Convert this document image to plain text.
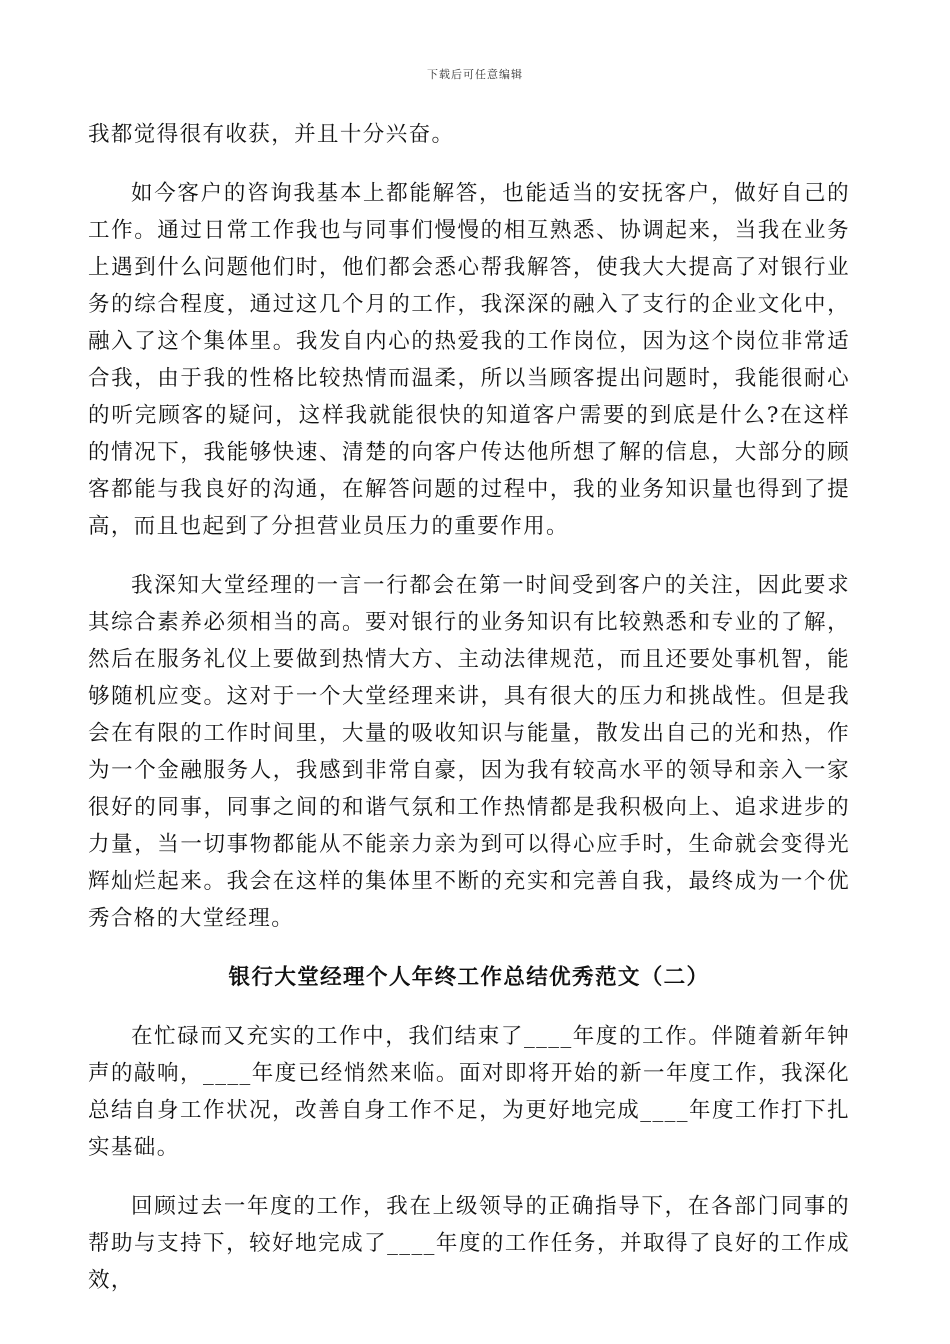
下载后可任意编辑

我都觉得很有收获，并且十分兴奋。

如今客户的咨询我基本上都能解答，也能适当的安抚客户，做好自己的工作。通过日常工作我也与同事们慢慢的相互熟悉、协调起来，当我在业务上遇到什么问题他们时，他们都会悉心帮我解答，使我大大提高了对银行业务的综合程度，通过这几个月的工作，我深深的融入了支行的企业文化中，融入了这个集体里。我发自内心的热爱我的工作岗位，因为这个岗位非常适合我，由于我的性格比较热情而温柔，所以当顾客提出问题时，我能很耐心的听完顾客的疑问，这样我就能很快的知道客户需要的到底是什么?在这样的情况下，我能够快速、清楚的向客户传达他所想了解的信息，大部分的顾客都能与我良好的沟通，在解答问题的过程中，我的业务知识量也得到了提高，而且也起到了分担营业员压力的重要作用。

我深知大堂经理的一言一行都会在第一时间受到客户的关注，因此要求其综合素养必须相当的高。要对银行的业务知识有比较熟悉和专业的了解，然后在服务礼仪上要做到热情大方、主动法律规范，而且还要处事机智，能够随机应变。这对于一个大堂经理来讲，具有很大的压力和挑战性。但是我会在有限的工作时间里，大量的吸收知识与能量，散发出自己的光和热，作为一个金融服务人，我感到非常自豪，因为我有较高水平的领导和亲入一家很好的同事，同事之间的和谐气氛和工作热情都是我积极向上、追求进步的力量，当一切事物都能从不能亲力亲为到可以得心应手时，生命就会变得光辉灿烂起来。我会在这样的集体里不断的充实和完善自我，最终成为一个优秀合格的大堂经理。

银行大堂经理个人年终工作总结优秀范文（二）

在忙碌而又充实的工作中，我们结束了____年度的工作。伴随着新年钟声的敲响，____年度已经悄然来临。面对即将开始的新一年度工作，我深化总结自身工作状况，改善自身工作不足，为更好地完成____年度工作打下扎实基础。

回顾过去一年度的工作，我在上级领导的正确指导下，在各部门同事的帮助与支持下，较好地完成了____年度的工作任务，并取得了良好的工作成效，
